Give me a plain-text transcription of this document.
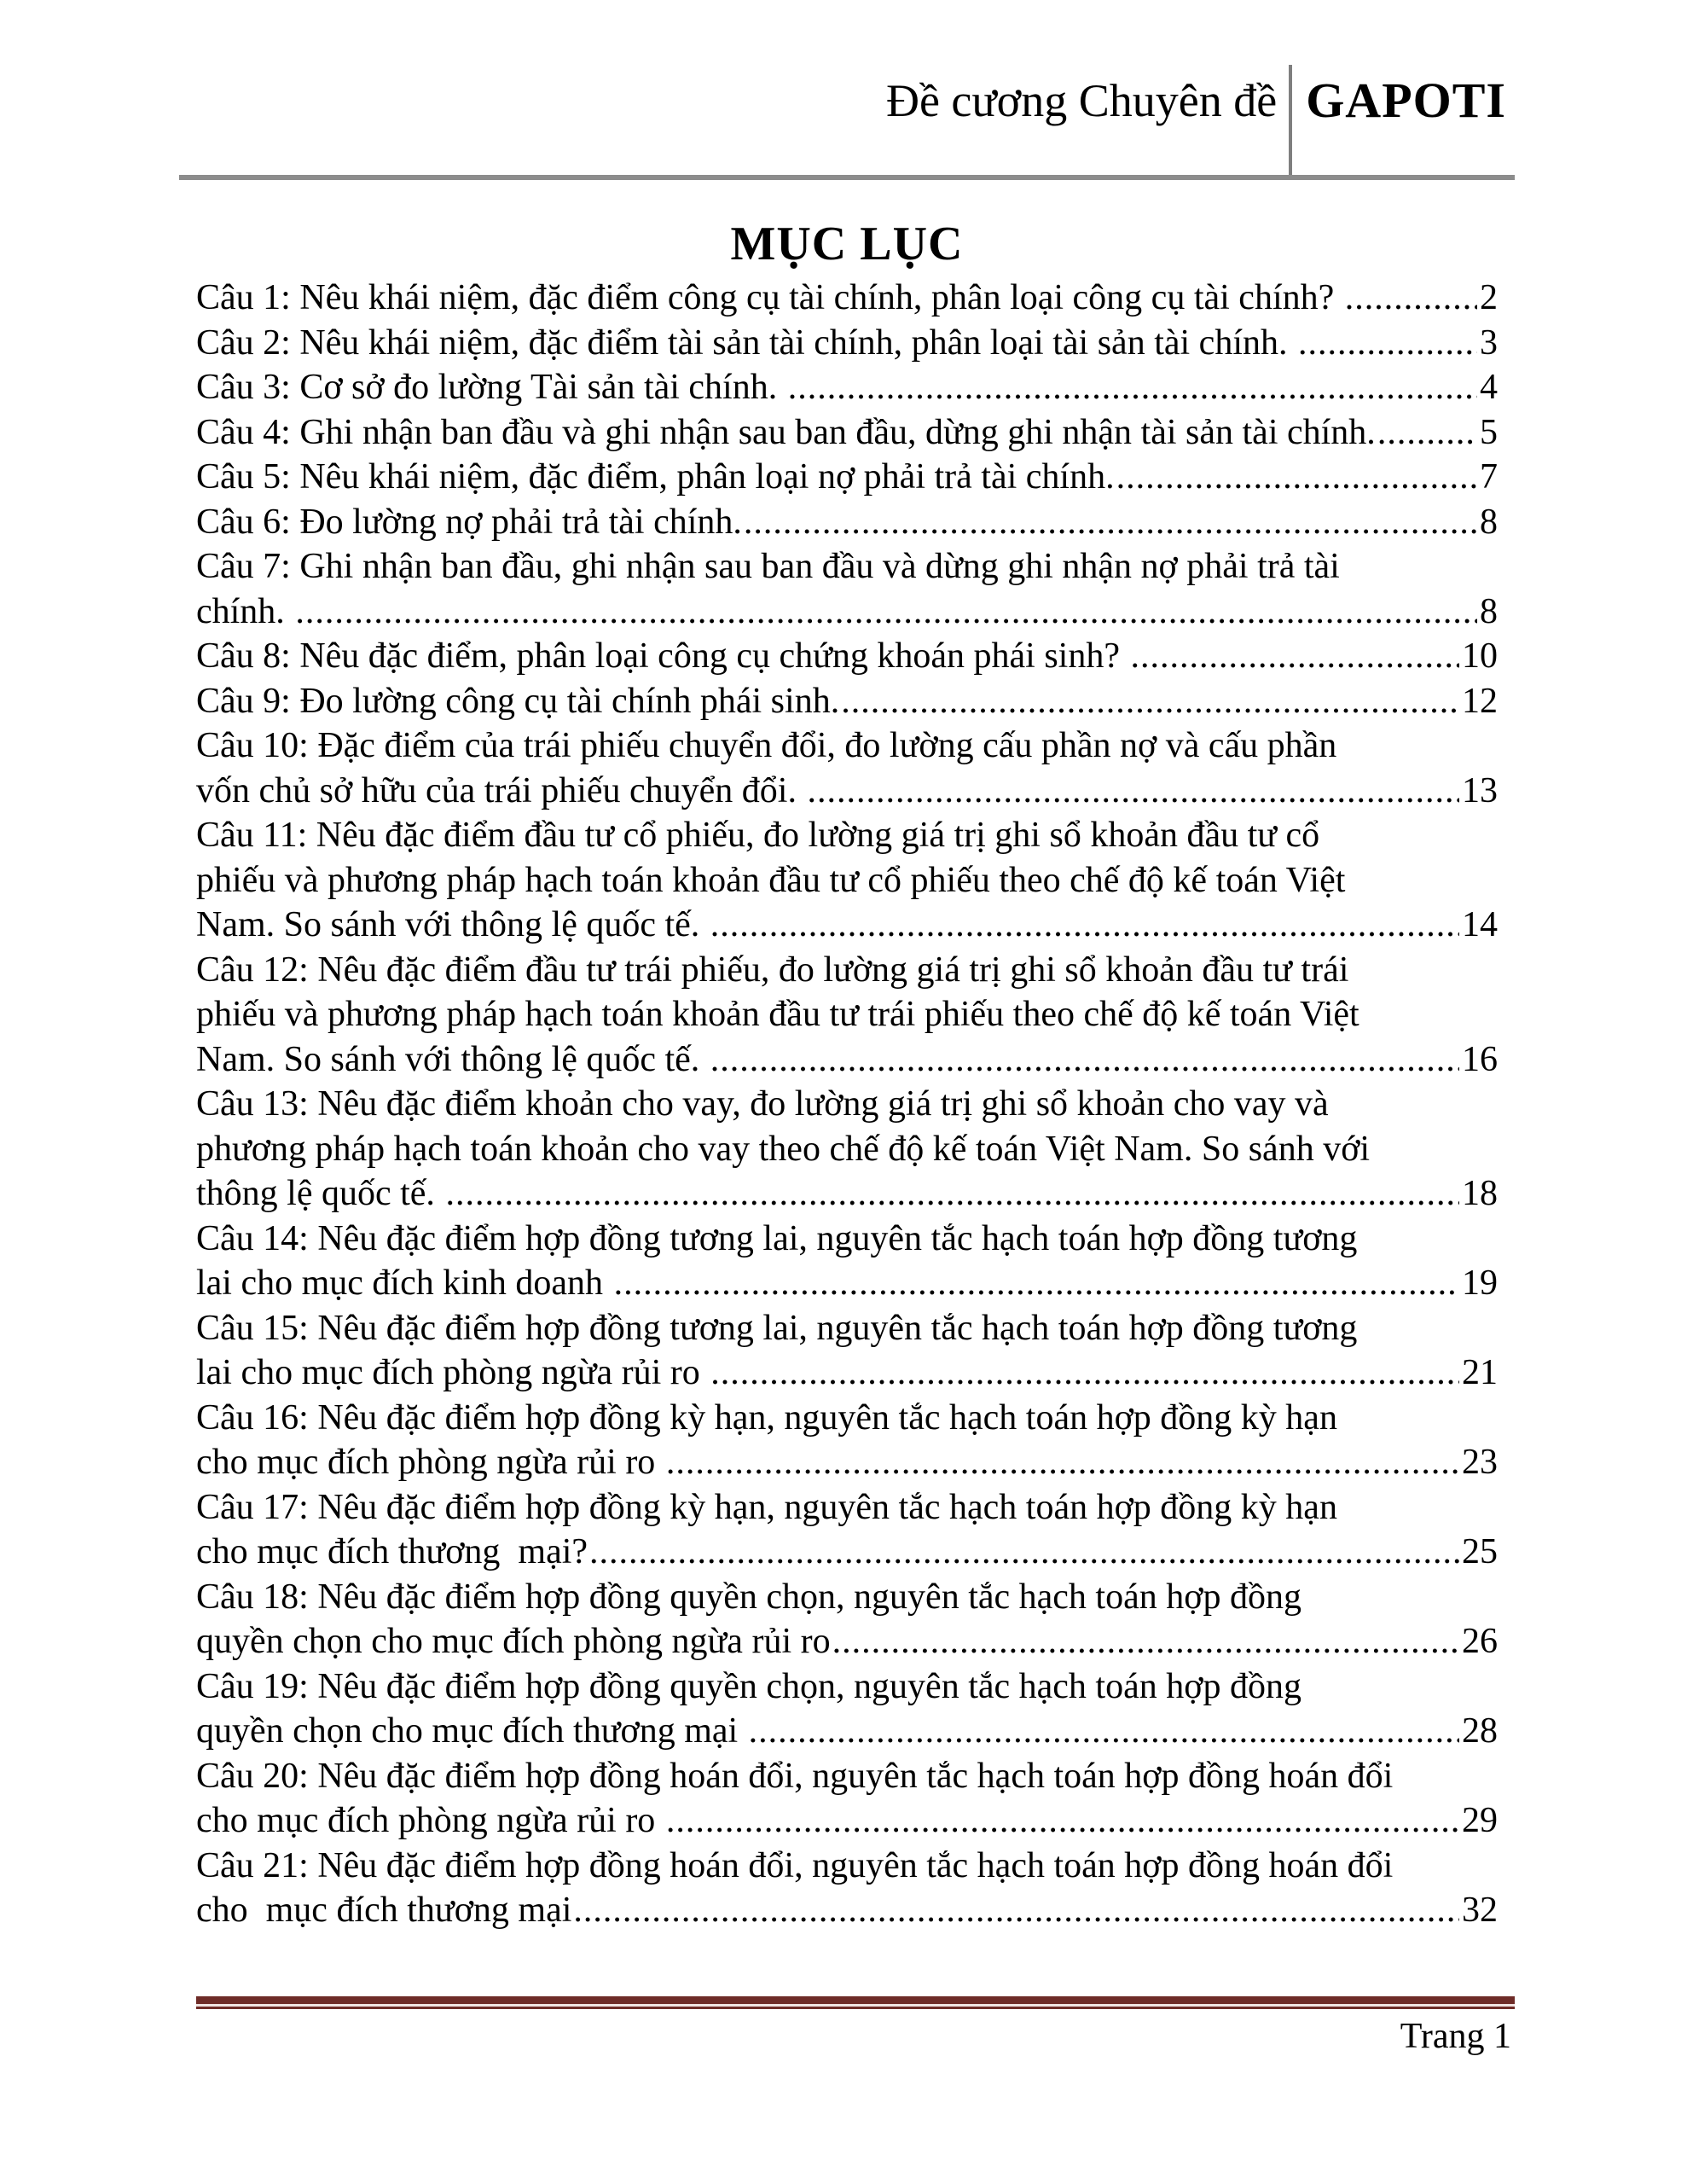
Đề cương Chuyên đề GAPOTI
MỤC LỤC
Câu 1: Nêu khái niệm, đặc điểm công cụ tài chính, phân loại công cụ tài chính? .....	2
Câu 2: Nêu khái niệm, đặc điểm tài sản tài chính, phân loại tài sản tài chính. .....	3
Câu 3: Cơ sở đo lường Tài sản tài chính. .....	4
Câu 4: Ghi nhận ban đầu và ghi nhận sau ban đầu, dừng ghi nhận tài sản tài chính. .....	5
Câu 5: Nêu khái niệm, đặc điểm, phân loại nợ phải trả tài chính. .....	7
Câu 6: Đo lường nợ phải trả tài chính. .....	8
Câu 7: Ghi nhận ban đầu, ghi nhận sau ban đầu và dừng ghi nhận nợ phải trả tài
chính. .....	8
Câu 8: Nêu đặc điểm, phân loại công cụ chứng khoán phái sinh? .....	10
Câu 9: Đo lường công cụ tài chính phái sinh. .....	12
Câu 10: Đặc điểm của trái phiếu chuyển đổi, đo lường cấu phần nợ và cấu phần
vốn chủ sở hữu của trái phiếu chuyển đổi. .....	13
Câu 11: Nêu đặc điểm đầu tư cổ phiếu, đo lường giá trị ghi sổ khoản đầu tư cổ
phiếu và phương pháp hạch toán khoản đầu tư cổ phiếu theo chế độ kế toán Việt
Nam. So sánh với thông lệ quốc tế. .....	14
Câu 12: Nêu đặc điểm đầu tư trái phiếu, đo lường giá trị ghi sổ khoản đầu tư trái
phiếu và phương pháp hạch toán khoản đầu tư trái phiếu theo chế độ kế toán Việt
Nam. So sánh với thông lệ quốc tế. .....	16
Câu 13: Nêu đặc điểm khoản cho vay, đo lường giá trị ghi sổ khoản cho vay và
phương pháp hạch toán khoản cho vay theo chế độ kế toán Việt Nam. So sánh với
thông lệ quốc tế. .....	18
Câu 14: Nêu đặc điểm hợp đồng tương lai, nguyên tắc hạch toán hợp đồng tương
lai cho mục đích kinh doanh .....	19
Câu 15: Nêu đặc điểm hợp đồng tương lai, nguyên tắc hạch toán hợp đồng tương
lai cho mục đích phòng ngừa rủi ro .....	21
Câu 16: Nêu đặc điểm hợp đồng kỳ hạn, nguyên tắc hạch toán hợp đồng kỳ hạn
cho mục đích phòng ngừa rủi ro .....	23
Câu 17: Nêu đặc điểm hợp đồng kỳ hạn, nguyên tắc hạch toán hợp đồng kỳ hạn
cho mục đích thương  mại? .....	25
Câu 18: Nêu đặc điểm hợp đồng quyền chọn, nguyên tắc hạch toán hợp đồng
quyền chọn cho mục đích phòng ngừa rủi ro .....	26
Câu 19: Nêu đặc điểm hợp đồng quyền chọn, nguyên tắc hạch toán hợp đồng
quyền chọn cho mục đích thương mại .....	28
Câu 20: Nêu đặc điểm hợp đồng hoán đổi, nguyên tắc hạch toán hợp đồng hoán đổi
cho mục đích phòng ngừa rủi ro .....	29
Câu 21: Nêu đặc điểm hợp đồng hoán đổi, nguyên tắc hạch toán hợp đồng hoán đổi
cho  mục đích thương mại .....	32
Trang 1
